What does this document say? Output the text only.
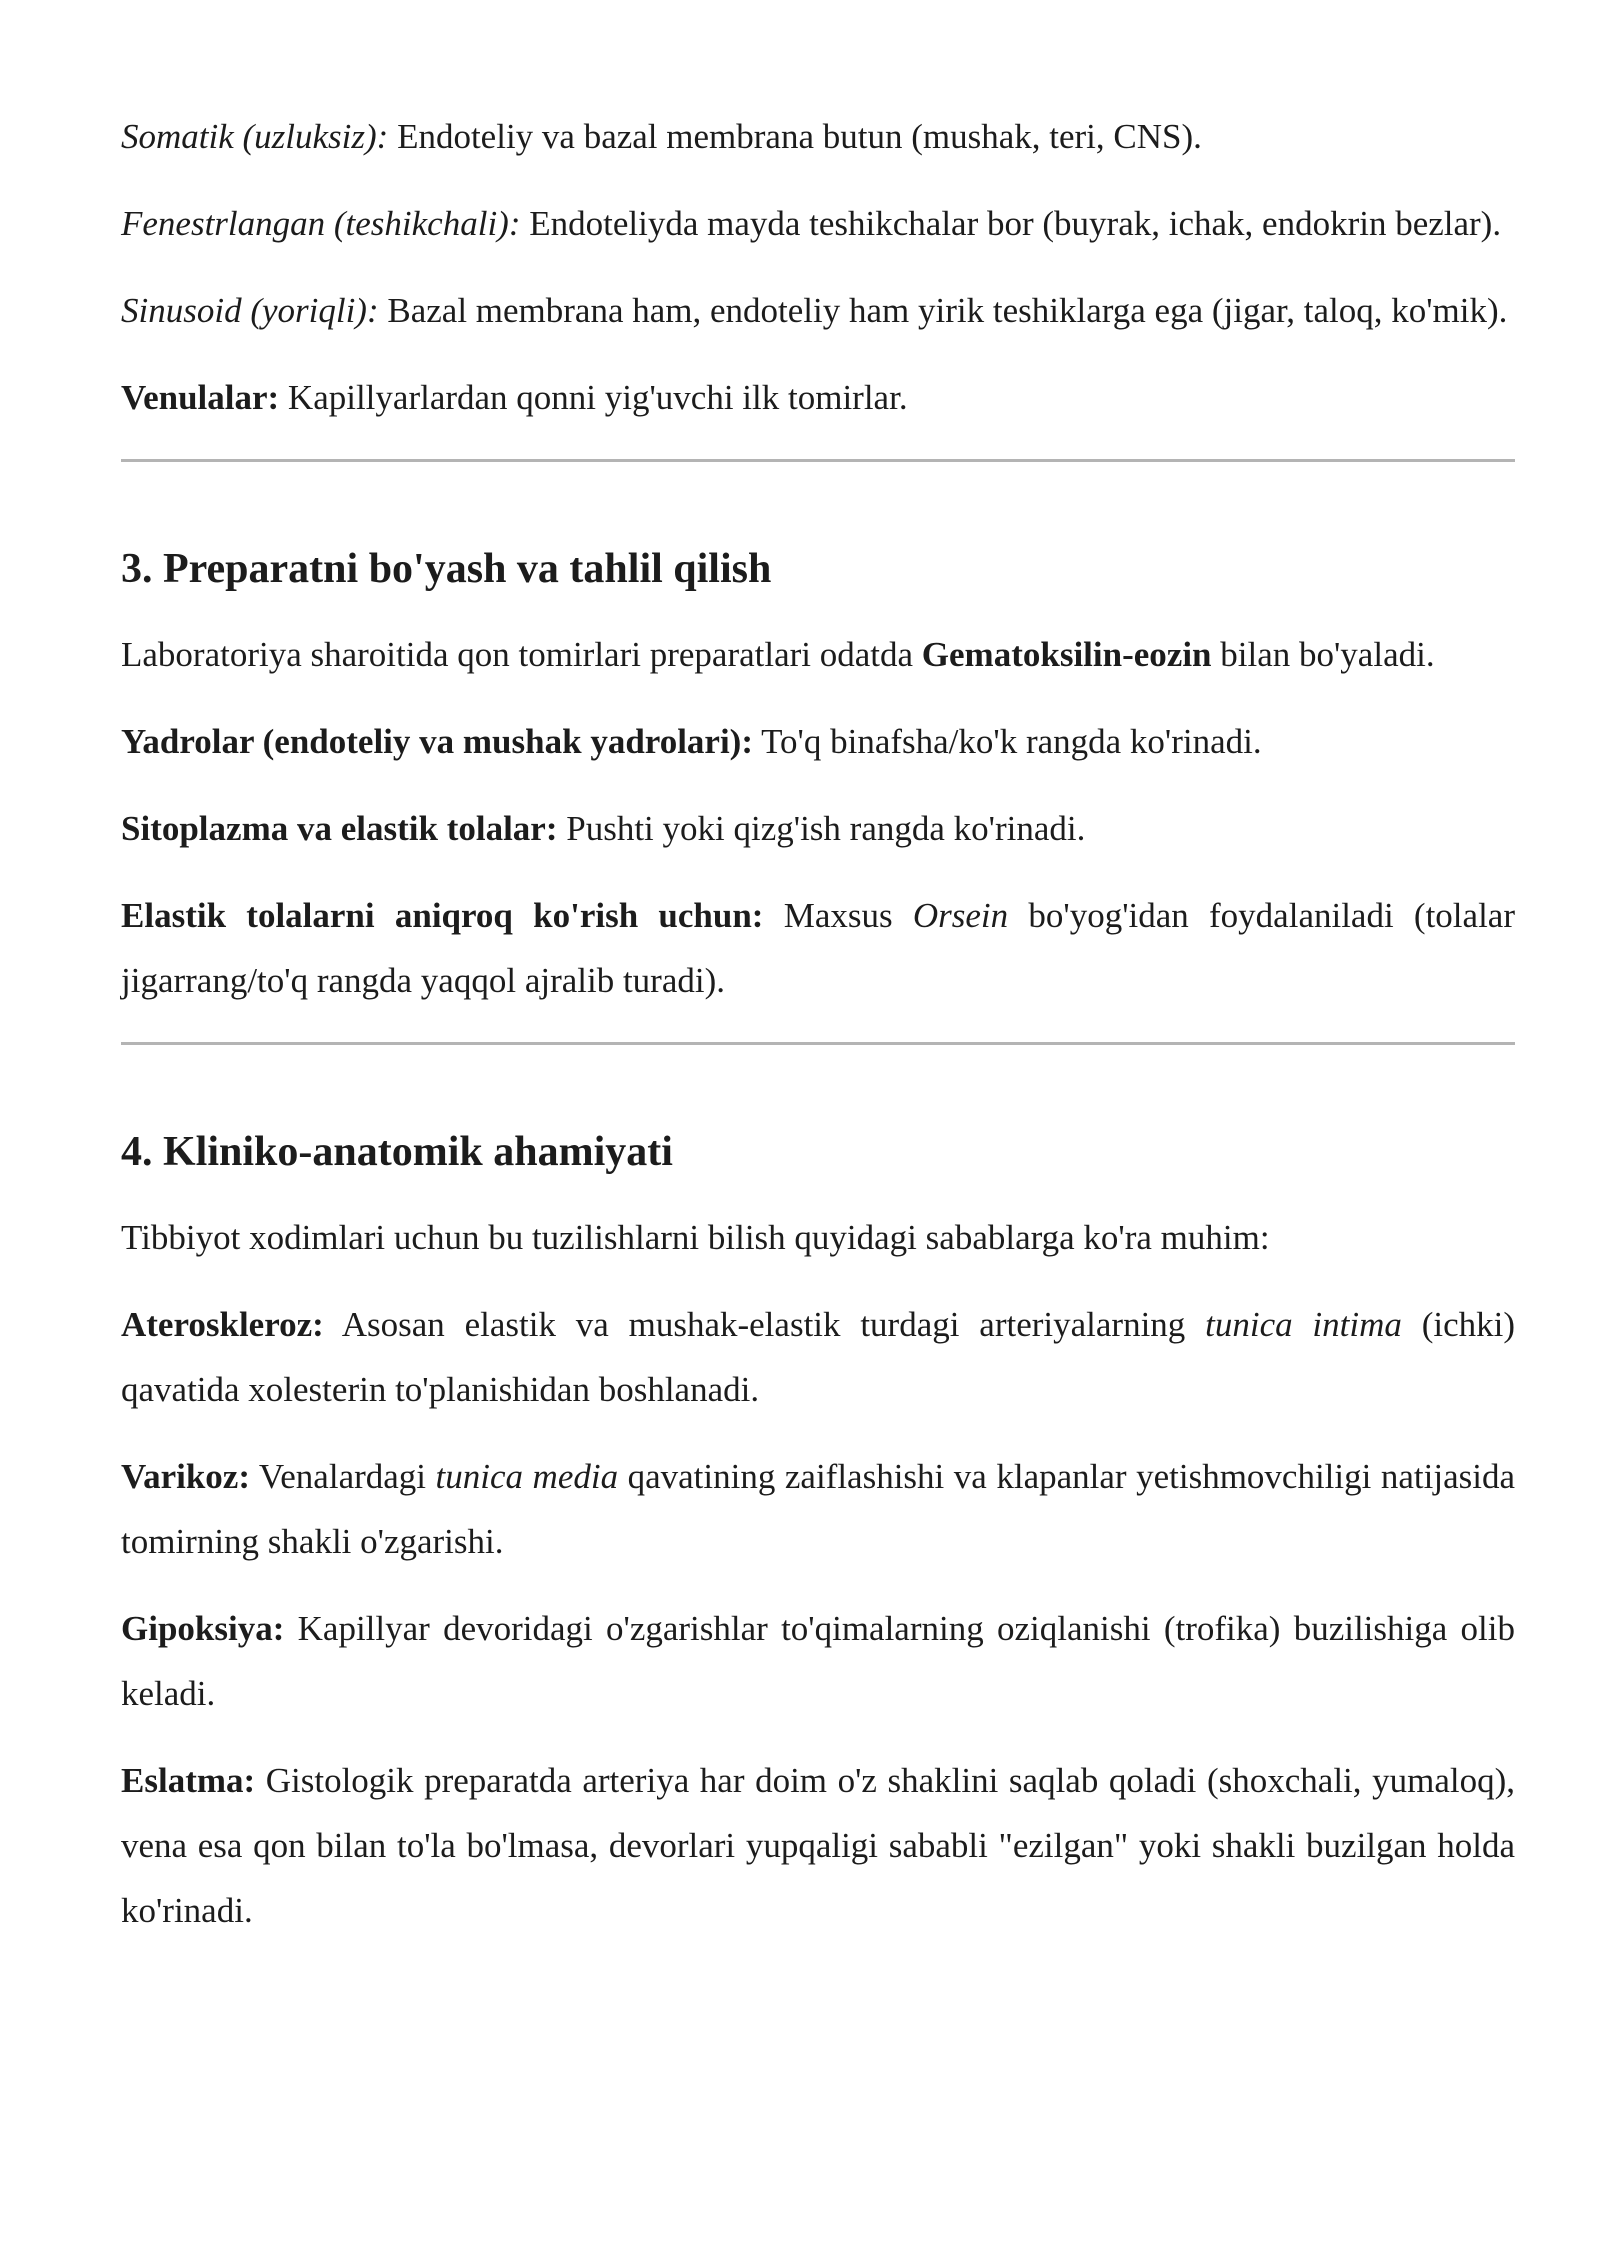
Somatik (uzluksiz): Endoteliy va bazal membrana butun (mushak, teri, CNS).

Fenestrlangan (teshikchali): Endoteliyda mayda teshikchalar bor (buyrak, ichak, endokrin bezlar).

Sinusoid (yoriqli): Bazal membrana ham, endoteliy ham yirik teshiklarga ega (jigar, taloq, ko'mik).

Venulalar: Kapillyarlardan qonni yig'uvchi ilk tomirlar.

3. Preparatni bo'yash va tahlil qilish

Laboratoriya sharoitida qon tomirlari preparatlari odatda Gematoksilin-eozin bilan bo'yaladi.

Yadrolar (endoteliy va mushak yadrolari): To'q binafsha/ko'k rangda ko'rinadi.

Sitoplazma va elastik tolalar: Pushti yoki qizg'ish rangda ko'rinadi.

Elastik tolalarni aniqroq ko'rish uchun: Maxsus Orsein bo'yog'idan foydalaniladi (tolalar jigarrang/to'q rangda yaqqol ajralib turadi).

4. Kliniko-anatomik ahamiyati

Tibbiyot xodimlari uchun bu tuzilishlarni bilish quyidagi sabablarga ko'ra muhim:

Ateroskleroz: Asosan elastik va mushak-elastik turdagi arteriyalarning tunica intima (ichki) qavatida xolesterin to'planishidan boshlanadi.

Varikoz: Venalardagi tunica media qavatining zaiflashishi va klapanlar yetishmovchiligi natijasida tomirning shakli o'zgarishi.

Gipoksiya: Kapillyar devoridagi o'zgarishlar to'qimalarning oziqlanishi (trofika) buzilishiga olib keladi.

Eslatma: Gistologik preparatda arteriya har doim o'z shaklini saqlab qoladi (shoxchali, yumaloq), vena esa qon bilan to'la bo'lmasa, devorlari yupqaligi sababli "ezilgan" yoki shakli buzilgan holda ko'rinadi.
